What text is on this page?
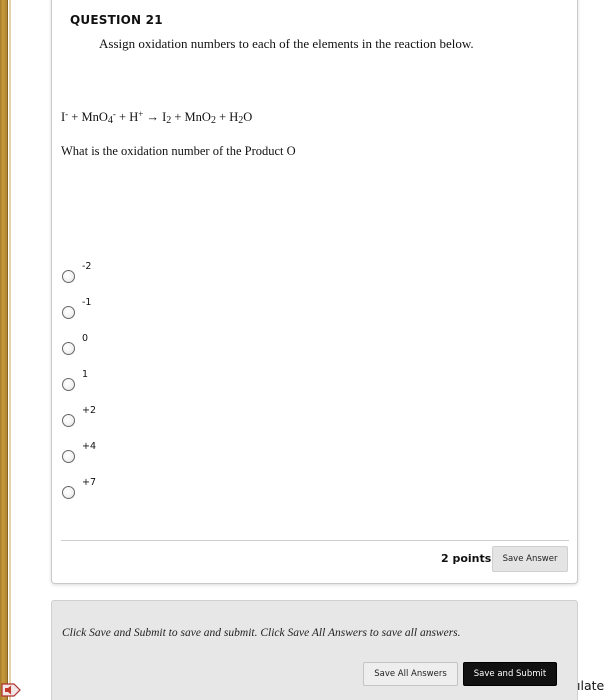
QUESTION 21
Assign oxidation numbers to each of the elements in the reaction below.
$I^- + MnO_4^- + H^+ \to I_2 + MnO_2 + H_2O$
What is the oxidation number of the Product O
-2
-1
0
1
+2
+4
+7
2 points	Save Answer
Click Save and Submit to save and submit. Click Save All Answers to save all answers.
Save All Answers	Save and Submit
ılate
